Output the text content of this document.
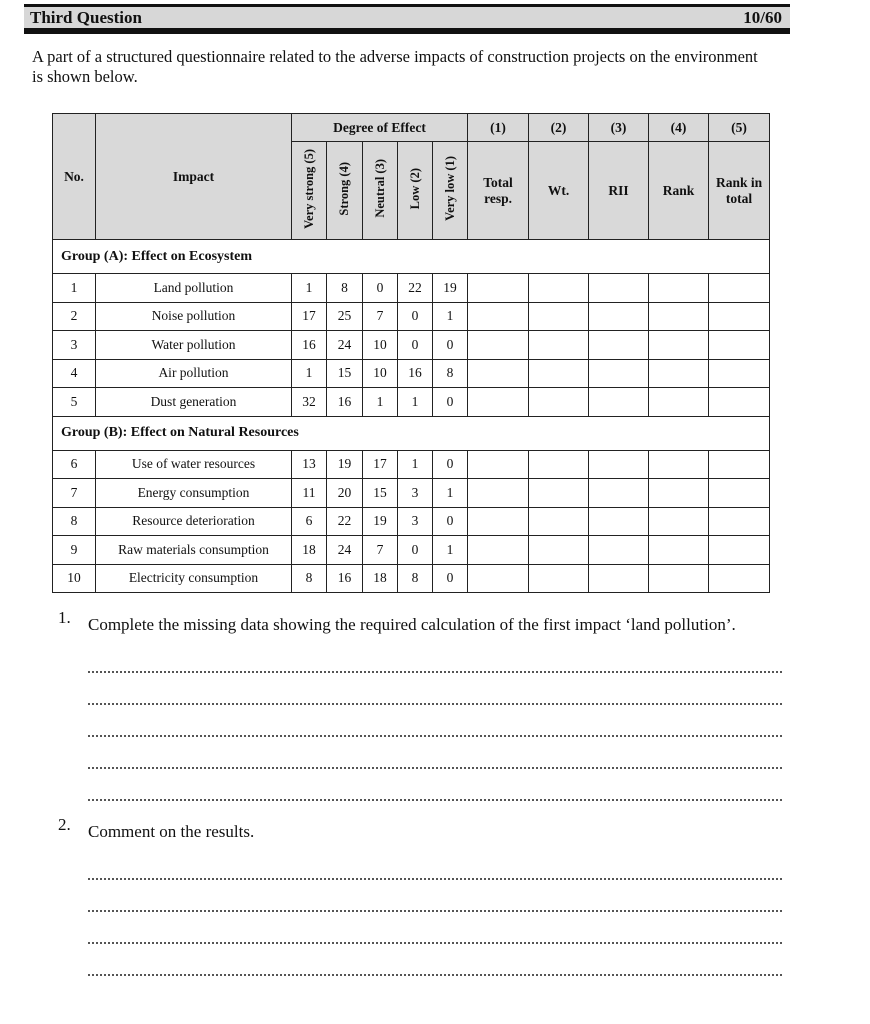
Third Question	10/60
A part of a structured questionnaire related to the adverse impacts of construction projects on the environment is shown below.
No.	Impact	Degree of Effect					(1)	(2)	(3)	(4)	(5)
		Very strong (5)	Strong (4)	Neutral (3)	Low (2)	Very low (1)	Total resp.	Wt.	RII	Rank	Rank in total
Group (A): Effect on Ecosystem											
1	Land pollution	1	8	0	22	19					
2	Noise pollution	17	25	7	0	1					
3	Water pollution	16	24	10	0	0					
4	Air pollution	1	15	10	16	8					
5	Dust generation	32	16	1	1	0					
Group (B): Effect on Natural Resources											
6	Use of water resources	13	19	17	1	0					
7	Energy consumption	11	20	15	3	1					
8	Resource deterioration	6	22	19	3	0					
9	Raw materials consumption	18	24	7	0	1					
10	Electricity consumption	8	16	18	8	0					
1.	Complete the missing data showing the required calculation of the first impact ‘land pollution’.
2.	Comment on the results.
